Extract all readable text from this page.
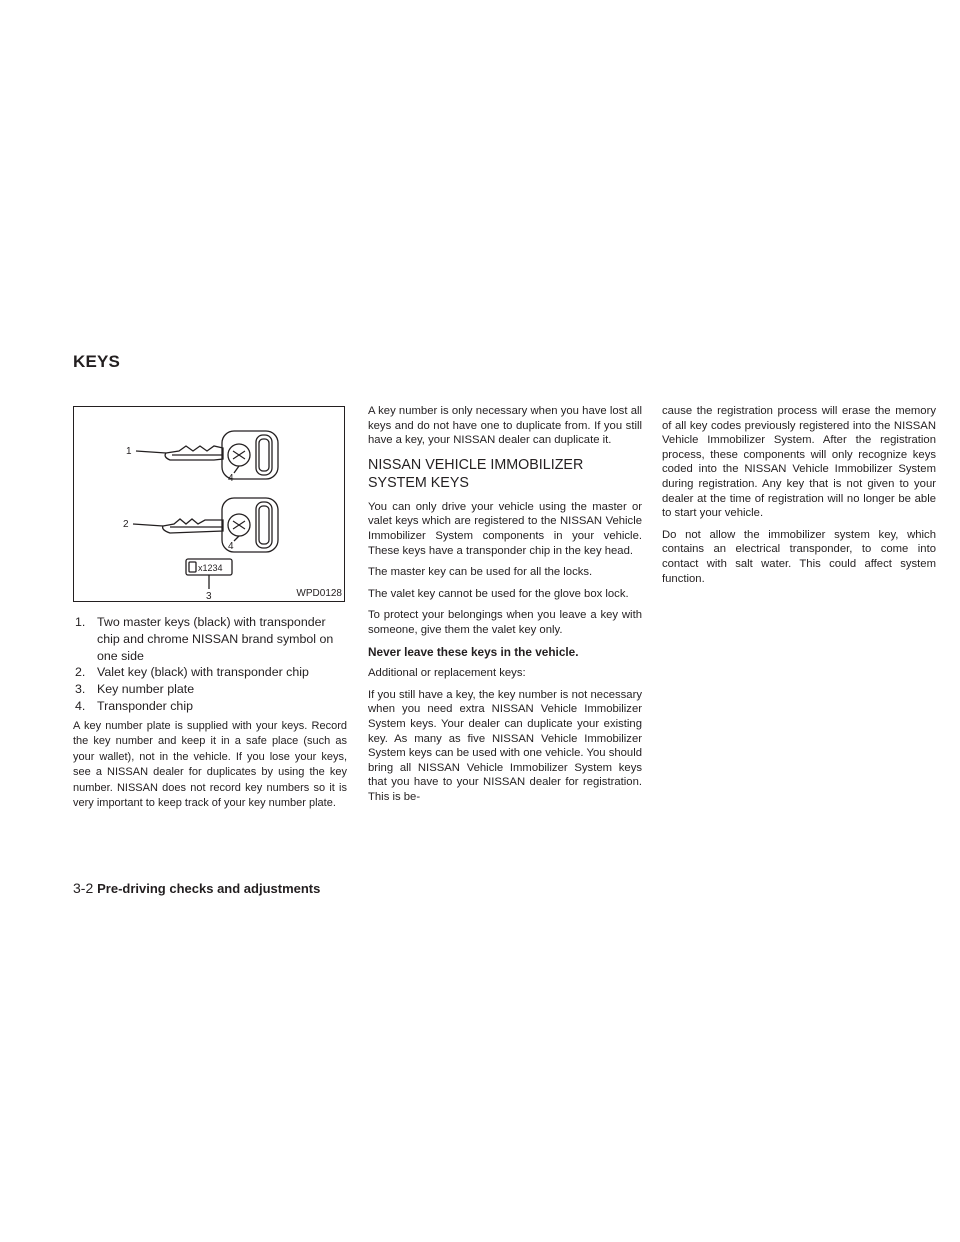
KEYS
1
2
3
4
4
x1234
WPD0128
1. Two master keys (black) with transponder chip and chrome NISSAN brand symbol on one side
2. Valet key (black) with transponder chip
3. Key number plate
4. Transponder chip

A key number plate is supplied with your keys. Record the key number and keep it in a safe place (such as your wallet), not in the vehicle. If you lose your keys, see a NISSAN dealer for duplicates by using the key number. NISSAN does not record key numbers so it is very important to keep track of your key number plate.

A key number is only necessary when you have lost all keys and do not have one to duplicate from. If you still have a key, your NISSAN dealer can duplicate it.

NISSAN VEHICLE IMMOBILIZER SYSTEM KEYS

You can only drive your vehicle using the master or valet keys which are registered to the NISSAN Vehicle Immobilizer System components in your vehicle. These keys have a transponder chip in the key head.

The master key can be used for all the locks.

The valet key cannot be used for the glove box lock.

To protect your belongings when you leave a key with someone, give them the valet key only.

Never leave these keys in the vehicle.

Additional or replacement keys:

If you still have a key, the key number is not necessary when you need extra NISSAN Vehicle Immobilizer System keys. Your dealer can duplicate your existing key. As many as five NISSAN Vehicle Immobilizer System keys can be used with one vehicle. You should bring all NISSAN Vehicle Immobilizer System keys that you have to your NISSAN dealer for registration. This is be-

cause the registration process will erase the memory of all key codes previously registered into the NISSAN Vehicle Immobilizer System. After the registration process, these components will only recognize keys coded into the NISSAN Vehicle Immobilizer System during registration. Any key that is not given to your dealer at the time of registration will no longer be able to start your vehicle.

Do not allow the immobilizer system key, which contains an electrical transponder, to come into contact with salt water. This could affect system function.

3-2 Pre-driving checks and adjustments
